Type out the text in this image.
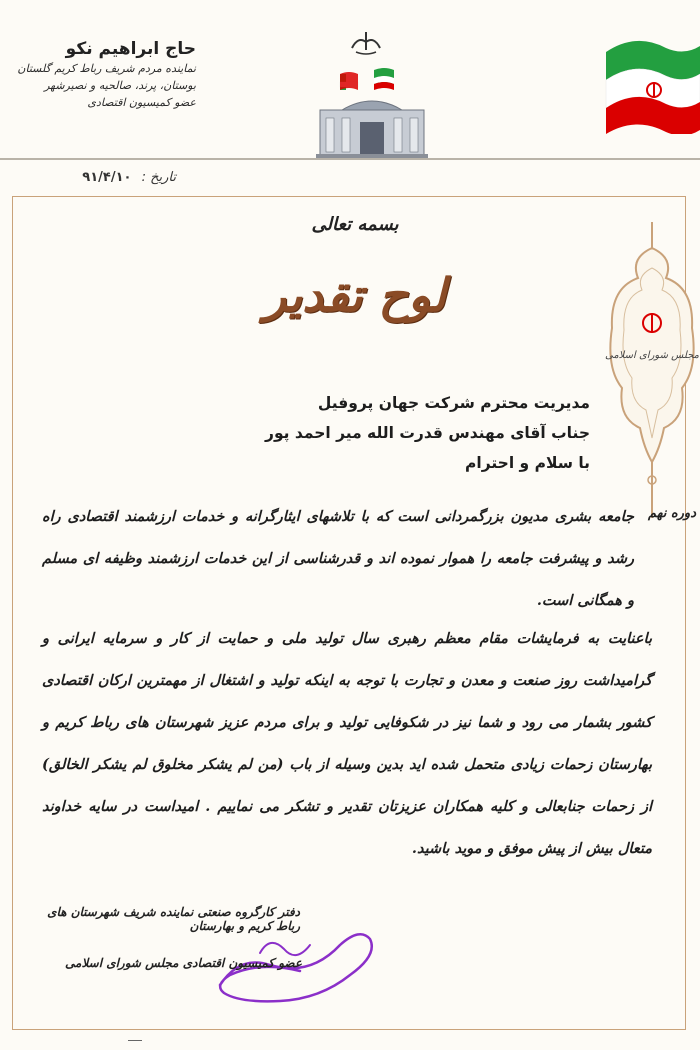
حاج ابراهیم نکو
نماینده مردم شریف رباط کریم گلستان
بوستان، پرند، صالحیه و نصیرشهر
عضو کمیسیون اقتصادی
تاریخ : ۹۱/۴/۱۰
بسمه تعالی
لوح تقدیر
مجلس شورای اسلامی
مدیریت محترم شرکت جهان پروفیل
جناب آقای مهندس قدرت الله میر احمد پور
با سلام و احترام
دوره نهم
جامعه بشری مدیون بزرگمردانی است که با تلاشهای ایثارگرانه و خدمات ارزشمند اقتصادی راه رشد و پیشرفت جامعه را هموار نموده اند و قدرشناسی از این خدمات ارزشمند وظیفه ای مسلم و همگانی است.
باعنایت به فرمایشات مقام معظم رهبری سال تولید ملی و حمایت از کار و سرمایه ایرانی و گرامیداشت روز صنعت و معدن و تجارت با توجه به اینکه تولید و اشتغال از مهمترین ارکان اقتصادی کشور بشمار می رود و شما نیز در شکوفایی تولید و برای مردم عزیز شهرستان های رباط کریم و بهارستان زحمات زیادی متحمل شده اید بدین وسیله از باب (من لم یشکر مخلوق لم یشکر الخالق) از زحمات جنابعالی و کلیه همکاران عزیزتان تقدیر و تشکر می نماییم . امیداست در سایه خداوند متعال بیش از پیش موفق و موید باشید.
دفتر کارگروه صنعتی نماینده شریف شهرستان های رباط کریم و بهارستان
عضو کمیسیون اقتصادی مجلس شورای اسلامی
